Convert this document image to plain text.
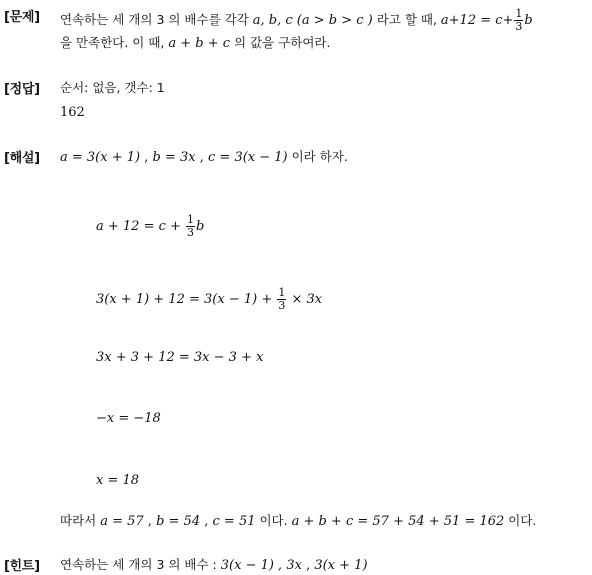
[문제] 연속하는 세 개의 3 의 배수를 각각 a, b, c (a > b > c ) 라고 할 때, $a+12 = c+ \frac{1}{3}$ b
을 만족한다. 이 때, a + b + c 의 값을 구하여라.
[정답] 순서: 없음, 갯수: 1
162
[해설] a = 3(x + 1) , b = 3x , c = 3(x − 1) 이라 하자.
$a + 12 = c + \frac{1}{3}$ b
$3(x + 1) + 12 = 3(x - 1) + \frac{1}{3} \times 3x$
3x + 3 + 12 = 3x − 3 + x
−x = −18
x = 18
따라서 a = 57 , b = 54 , c = 51 이다. a + b + c = 57 + 54 + 51 = 162 이다.
[힌트] 연속하는 세 개의 3 의 배수 : 3(x − 1) , 3x , 3(x + 1)
